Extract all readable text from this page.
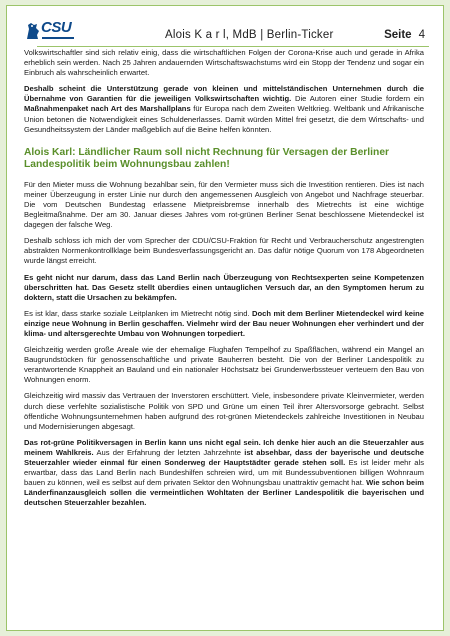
CSU	Alois K a r l, MdB | Berlin-Ticker	Seite 4

Volkswirtschaftler sind sich relativ einig, dass die wirtschaftlichen Folgen der Corona-Krise auch und gerade in Afrika erheblich sein werden. Nach 25 Jahren andauernden Wirtschaftswachstums wird ein Stopp der Tendenz und sogar ein Einbruch als wahrscheinlich erwartet.

Deshalb scheint die Unterstützung gerade von kleinen und mittelständischen Unternehmen durch die Übernahme von Garantien für die jeweiligen Volkswirtschaften wichtig. Die Autoren einer Studie fordern ein Maßnahmenpaket nach Art des Marshallplans für Europa nach dem Zweiten Weltkrieg. Weltbank und Afrikanische Union betonen die Notwendigkeit eines Schuldenerlasses. Damit würden Mittel frei gesetzt, die dem Wirtschafts- und Gesundheitssystem der Länder maßgeblich auf die Beine helfen könnten.

Alois Karl: Ländlicher Raum soll nicht Rechnung für Versagen der Berliner Landespolitik beim Wohnungsbau zahlen!

Für den Mieter muss die Wohnung bezahlbar sein, für den Vermieter muss sich die Investition rentieren. Dies ist nach meiner Überzeugung in erster Linie nur durch den angemessenen Ausgleich von Angebot und Nachfrage steuerbar. Die vom Deutschen Bundestag erlassene Mietpreisbremse innerhalb des Mietrechts ist eine wichtige Begleitmaßnahme. Der am 30. Januar dieses Jahres vom rot-grünen Berliner Senat beschlossene Mietendeckel ist dagegen der falsche Weg.

Deshalb schloss ich mich der vom Sprecher der CDU/CSU-Fraktion für Recht und Verbraucherschutz angestrengten abstrakten Normenkontrollklage beim Bundesverfassungsgericht an. Das dafür nötige Quorum von 178 Abgeordneten wurde längst erreicht.

Es geht nicht nur darum, dass das Land Berlin nach Überzeugung von Rechtsexperten seine Kompetenzen überschritten hat. Das Gesetz stellt überdies einen untauglichen Versuch dar, an den Symptomen herum zu doktern, statt die Ursachen zu bekämpfen.

Es ist klar, dass starke soziale Leitplanken im Mietrecht nötig sind. Doch mit dem Berliner Mietendeckel wird keine einzige neue Wohnung in Berlin geschaffen. Vielmehr wird der Bau neuer Wohnungen eher verhindert und der klima- und altersgerechte Umbau von Wohnungen torpediert.

Gleichzeitig werden große Areale wie der ehemalige Flughafen Tempelhof zu Spaßflächen, während ein Mangel an Baugrundstücken für genossenschaftliche und private Bauherren besteht. Die von der Berliner Landespolitik zu verantwortende Knappheit an Bauland und ein nationaler Höchstsatz bei Grunderwerbssteuer verteuern den Bau von Wohnungen enorm.

Gleichzeitig wird massiv das Vertrauen der Inverstoren erschüttert. Viele, insbesondere private Kleinvermieter, werden durch diese verfehlte sozialistische Politik von SPD und Grüne um einen Teil ihrer Altersvorsorge gebracht. Selbst öffentliche Wohnungsunternehmen haben aufgrund des rot-grünen Mietendeckels zahlreiche Investitionen in Neubau und Modernisierungen abgesagt.

Das rot-grüne Politikversagen in Berlin kann uns nicht egal sein. Ich denke hier auch an die Steuerzahler aus meinem Wahlkreis. Aus der Erfahrung der letzten Jahrzehnte ist absehbar, dass der bayerische und deutsche Steuerzahler wieder einmal für einen Sonderweg der Hauptstädter gerade stehen soll. Es ist leider mehr als erwartbar, dass das Land Berlin nach Bundeshilfen schreien wird, um mit Bundessubventionen billigen Wohnraum bauen zu können, weil es selbst auf dem privaten Sektor den Wohnungsbau unattraktiv gemacht hat. Wie schon beim Länderfinanzausgleich sollen die vermeintlichen Wohltaten der Berliner Landespolitik die bayerischen und deutschen Steuerzahler bezahlen.
